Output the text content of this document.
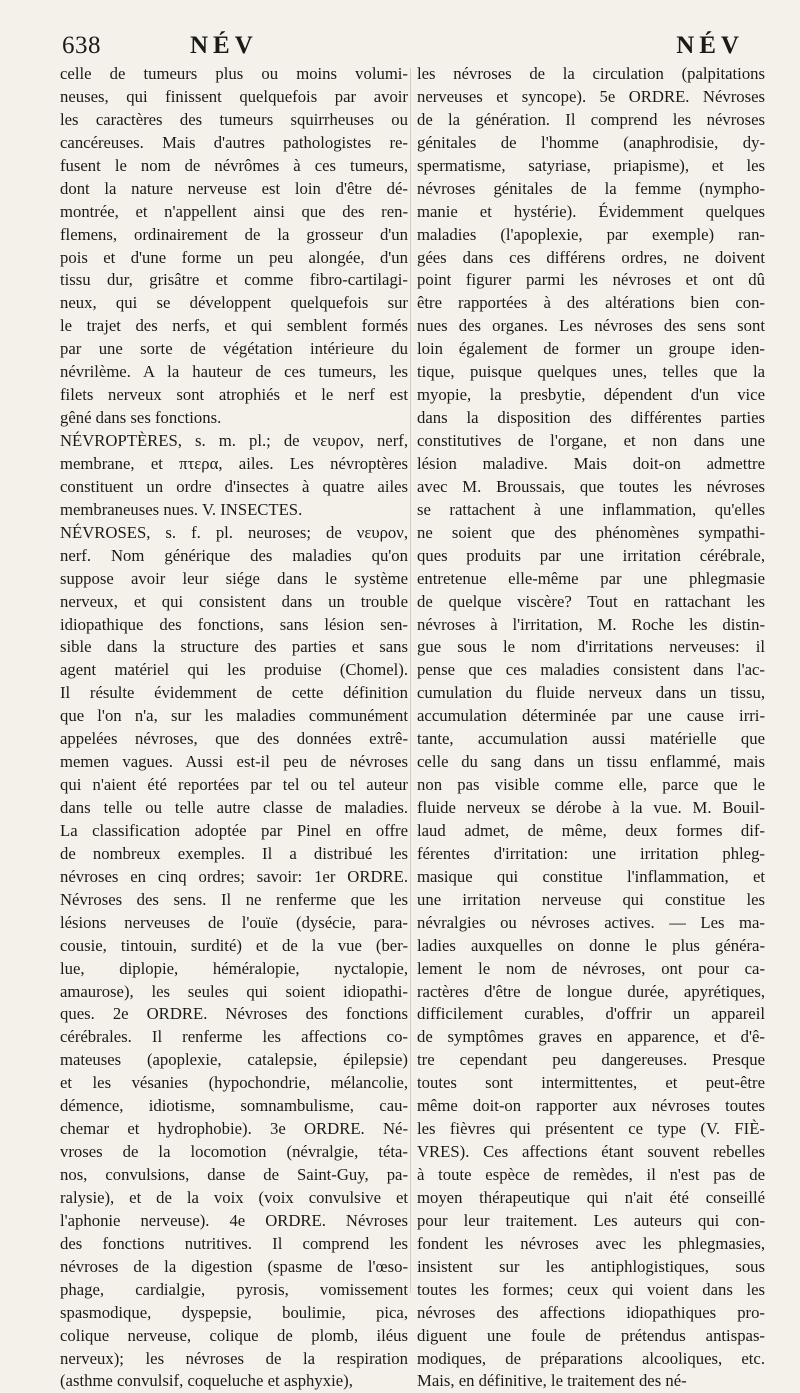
638	NÉV	NÉV
celle de tumeurs plus ou moins volumi-
neuses, qui finissent quelquefois par avoir
les caractères des tumeurs squirrheuses ou
cancéreuses. Mais d'autres pathologistes re-
fusent le nom de névrômes à ces tumeurs,
dont la nature nerveuse est loin d'être dé-
montrée, et n'appellent ainsi que des ren-
flemens, ordinairement de la grosseur d'un
pois et d'une forme un peu alongée, d'un
tissu dur, grisâtre et comme fibro-cartilagi-
neux, qui se développent quelquefois sur
le trajet des nerfs, et qui semblent formés
par une sorte de végétation intérieure du
névrilème. A la hauteur de ces tumeurs, les
filets nerveux sont atrophiés et le nerf est
gêné dans ses fonctions.
NÉVROPTÈRES, s. m. pl.; de νευρον, nerf,
membrane, et πτερα, ailes. Les névroptères
constituent un ordre d'insectes à quatre ailes
membraneuses nues. V. INSECTES.
NÉVROSES, s. f. pl. neuroses; de νευρον,
nerf. Nom générique des maladies qu'on
suppose avoir leur siége dans le système
nerveux, et qui consistent dans un trouble
idiopathique des fonctions, sans lésion sen-
sible dans la structure des parties et sans
agent matériel qui les produise (Chomel).
Il résulte évidemment de cette définition
que l'on n'a, sur les maladies communément
appelées névroses, que des données extrê-
memen vagues. Aussi est-il peu de névroses
qui n'aient été reportées par tel ou tel auteur
dans telle ou telle autre classe de maladies.
La classification adoptée par Pinel en offre
de nombreux exemples. Il a distribué les
névroses en cinq ordres; savoir: 1er ORDRE.
Névroses des sens. Il ne renferme que les
lésions nerveuses de l'ouïe (dysécie, para-
cousie, tintouin, surdité) et de la vue (ber-
lue, diplopie, héméralopie, nyctalopie,
amaurose), les seules qui soient idiopathi-
ques. 2e ORDRE. Névroses des fonctions
cérébrales. Il renferme les affections co-
mateuses (apoplexie, catalepsie, épilepsie)
et les vésanies (hypochondrie, mélancolie,
démence, idiotisme, somnambulisme, cau-
chemar et hydrophobie). 3e ORDRE. Né-
vroses de la locomotion (névralgie, téta-
nos, convulsions, danse de Saint-Guy, pa-
ralysie), et de la voix (voix convulsive et
l'aphonie nerveuse). 4e ORDRE. Névroses
des fonctions nutritives. Il comprend les
névroses de la digestion (spasme de l'œso-
phage, cardialgie, pyrosis, vomissement
spasmodique, dyspepsie, boulimie, pica,
colique nerveuse, colique de plomb, iléus
nerveux); les névroses de la respiration
(asthme convulsif, coqueluche et asphyxie),
les névroses de la circulation (palpitations
nerveuses et syncope). 5e ORDRE. Névroses
de la génération. Il comprend les névroses
génitales de l'homme (anaphrodisie, dy-
spermatisme, satyriase, priapisme), et les
névroses génitales de la femme (nympho-
manie et hystérie). Évidemment quelques
maladies (l'apoplexie, par exemple) ran-
gées dans ces différens ordres, ne doivent
point figurer parmi les névroses et ont dû
être rapportées à des altérations bien con-
nues des organes. Les névroses des sens sont
loin également de former un groupe iden-
tique, puisque quelques unes, telles que la
myopie, la presbytie, dépendent d'un vice
dans la disposition des différentes parties
constitutives de l'organe, et non dans une
lésion maladive. Mais doit-on admettre
avec M. Broussais, que toutes les névroses
se rattachent à une inflammation, qu'elles
ne soient que des phénomènes sympathi-
ques produits par une irritation cérébrale,
entretenue elle-même par une phlegmasie
de quelque viscère? Tout en rattachant les
névroses à l'irritation, M. Roche les distin-
gue sous le nom d'irritations nerveuses: il
pense que ces maladies consistent dans l'ac-
cumulation du fluide nerveux dans un tissu,
accumulation déterminée par une cause irri-
tante, accumulation aussi matérielle que
celle du sang dans un tissu enflammé, mais
non pas visible comme elle, parce que le
fluide nerveux se dérobe à la vue. M. Bouil-
laud admet, de même, deux formes dif-
férentes d'irritation: une irritation phleg-
masique qui constitue l'inflammation, et
une irritation nerveuse qui constitue les
névralgies ou névroses actives. — Les ma-
ladies auxquelles on donne le plus généra-
lement le nom de névroses, ont pour ca-
ractères d'être de longue durée, apyrétiques,
difficilement curables, d'offrir un appareil
de symptômes graves en apparence, et d'ê-
tre cependant peu dangereuses. Presque
toutes sont intermittentes, et peut-être
même doit-on rapporter aux névroses toutes
les fièvres qui présentent ce type (V. FIÈ-
VRES). Ces affections étant souvent rebelles
à toute espèce de remèdes, il n'est pas de
moyen thérapeutique qui n'ait été conseillé
pour leur traitement. Les auteurs qui con-
fondent les névroses avec les phlegmasies,
insistent sur les antiphlogistiques, sous
toutes les formes; ceux qui voient dans les
névroses des affections idiopathiques pro-
diguent une foule de prétendus antispas-
modiques, de préparations alcooliques, etc.
Mais, en définitive, le traitement des né-
